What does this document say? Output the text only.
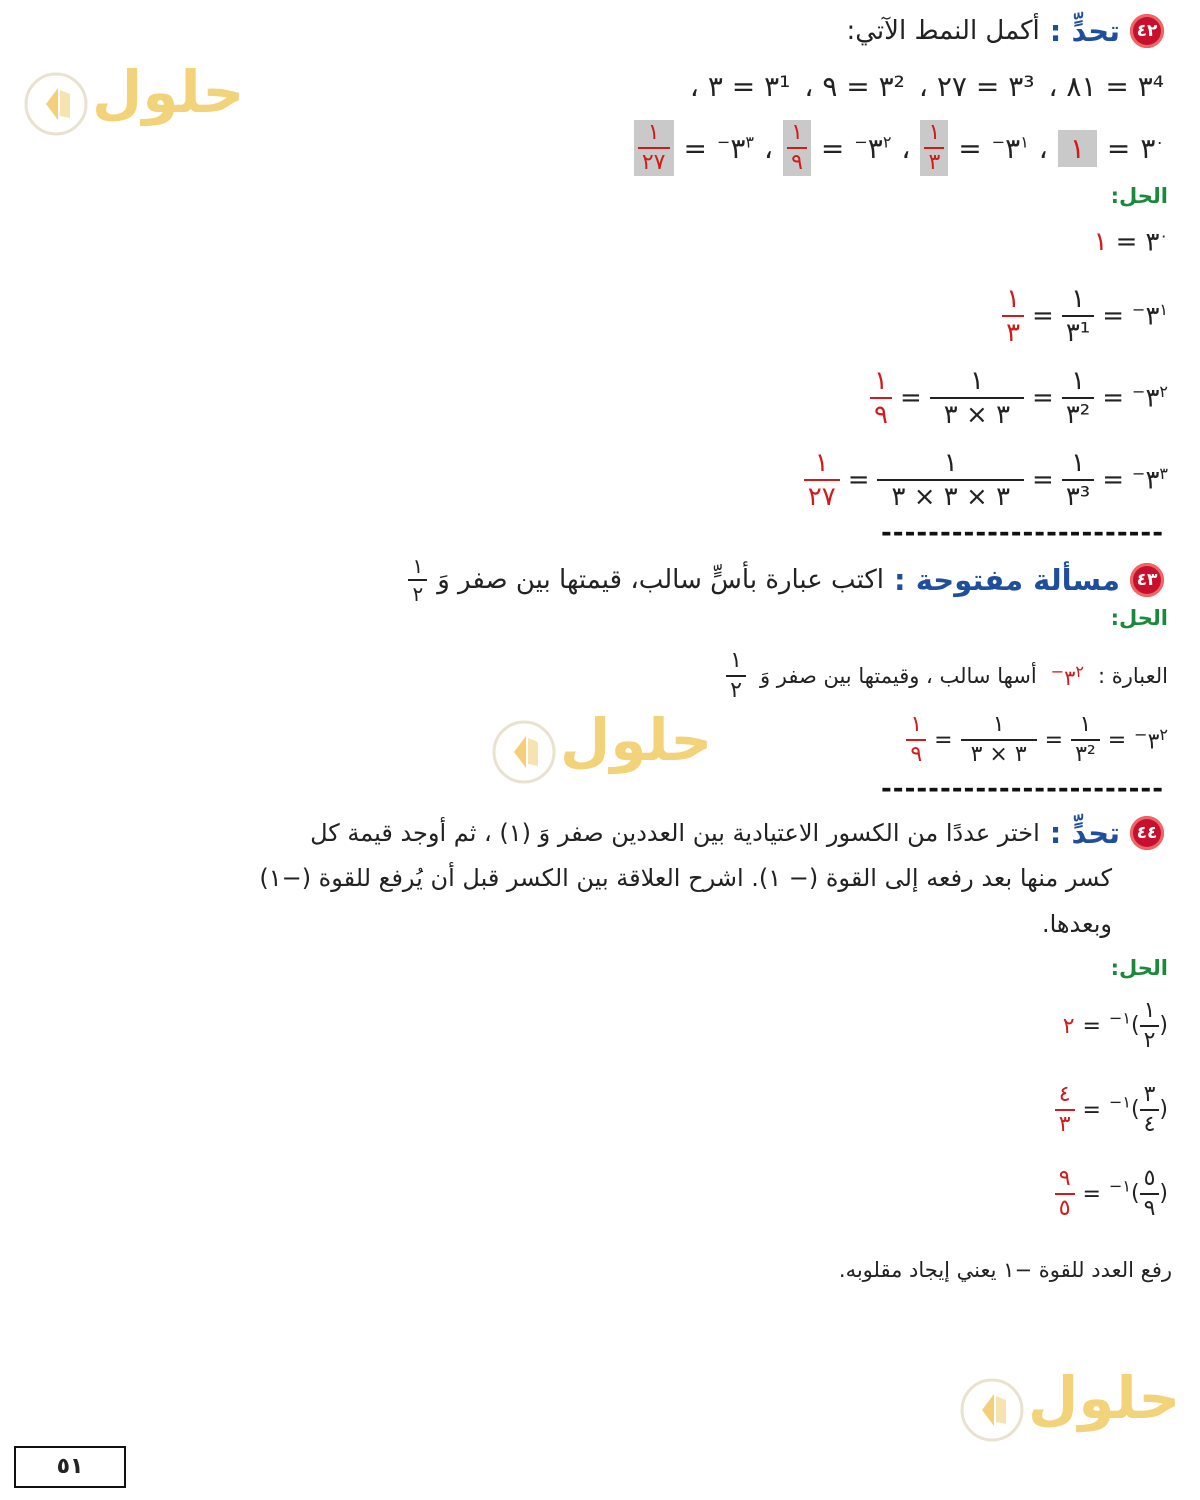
حلول
حلول
حلول
٤٢
تحدٍّ :
أكمل النمط الآتي:
٣⁴ = ٨١ ،
٣³ = ٢٧ ،
٣² = ٩ ،
٣¹ = ٣ ،
$٣^٠$
=
١
،
$٣^{١-}$
=
$\frac{١}{٣}$
،
$٣^{٢-}$
=
$\frac{١}{٩}$
،
$٣^{٣-}$
=
$\frac{١}{٢٧}$
الحل:
$٣^٠$
=
١
$٣^{١-}$
=
$\frac{١}{\text{٣¹}}$
=
$\frac{١}{٣}$
$٣^{٢-}$
=
$\frac{١}{\text{٣²}}$
=
$\frac{١}{٣ \times ٣}$
=
$\frac{١}{٩}$
$٣^{٣-}$
=
$\frac{١}{\text{٣³}}$
=
$\frac{١}{٣ \times ٣ \times ٣}$
=
$\frac{١}{٢٧}$
------------------------
٤٣
مسألة مفتوحة :
اكتب عبارة بأسٍّ سالب، قيمتها بين صفر وَ
$\frac{١}{٢}$
الحل:
العبارة :
$٣^{٢-}$
أسها سالب ، وقيمتها بين صفر وَ
$\frac{١}{٢}$
$٣^{٢-}$
=
$\frac{١}{\text{٣²}}$
=
$\frac{١}{٣ \times ٣}$
=
$\frac{١}{٩}$
------------------------
٤٤
تحدٍّ :
اختر عددًا من الكسور الاعتيادية بين العددين صفر وَ (١) ، ثم أوجد قيمة كل
كسر منها بعد رفعه إلى القوة (− ١). اشرح العلاقة بين الكسر قبل أن يُرفع للقوة (−١)
وبعدها.
الحل:
(
$\frac{١}{٢}$
)$^{١-}$
=
٢
(
$\frac{٣}{٤}$
)$^{١-}$
=
$\frac{٤}{٣}$
(
$\frac{٥}{٩}$
)$^{١-}$
=
$\frac{٩}{٥}$
رفع العدد للقوة −١ يعني إيجاد مقلوبه.
٥١
